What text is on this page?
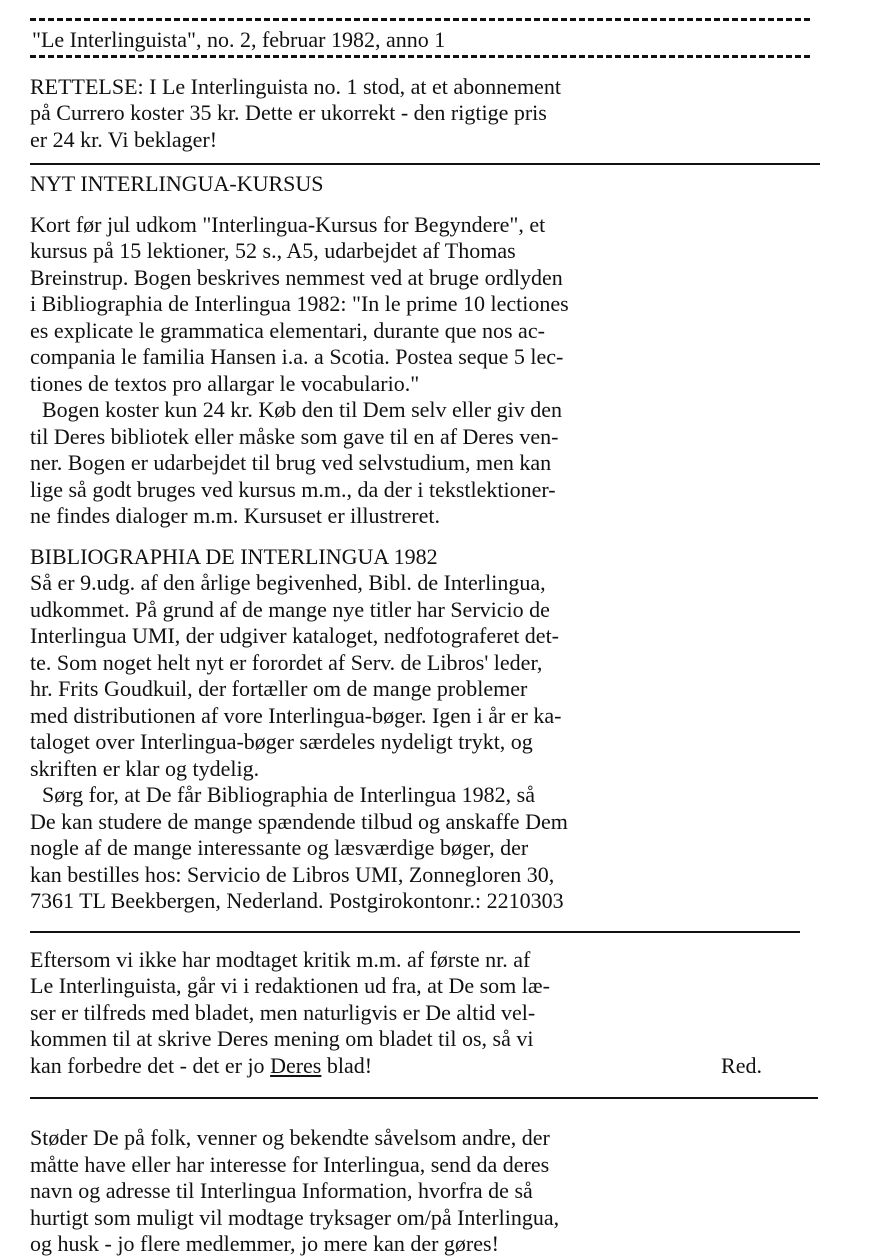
"Le Interlinguista", no. 2, februar 1982, anno 1
RETTELSE: I Le Interlinguista no. 1 stod, at et abonnement
på Currero koster 35 kr. Dette er ukorrekt - den rigtige pris
er 24 kr. Vi beklager!
NYT INTERLINGUA-KURSUS
Kort før jul udkom "Interlingua-Kursus for Begyndere", et
kursus på 15 lektioner, 52 s., A5, udarbejdet af Thomas
Breinstrup. Bogen beskrives nemmest ved at bruge ordlyden
i Bibliographia de Interlingua 1982: "In le prime 10 lectiones
es explicate le grammatica elementari, durante que nos ac-
compania le familia Hansen i.a. a Scotia. Postea seque 5 lec-
tiones de textos pro allargar le vocabulario."
Bogen koster kun 24 kr. Køb den til Dem selv eller giv den
til Deres bibliotek eller måske som gave til en af Deres ven-
ner. Bogen er udarbejdet til brug ved selvstudium, men kan
lige så godt bruges ved kursus m.m., da der i tekstlektioner-
ne findes dialoger m.m. Kursuset er illustreret.
BIBLIOGRAPHIA DE INTERLINGUA 1982
Så er 9.udg. af den årlige begivenhed, Bibl. de Interlingua,
udkommet. På grund af de mange nye titler har Servicio de
Interlingua UMI, der udgiver kataloget, nedfotograferet det-
te. Som noget helt nyt er forordet af Serv. de Libros' leder,
hr. Frits Goudkuil, der fortæller om de mange problemer
med distributionen af vore Interlingua-bøger. Igen i år er ka-
taloget over Interlingua-bøger særdeles nydeligt trykt, og
skriften er klar og tydelig.
Sørg for, at De får Bibliographia de Interlingua 1982, så
De kan studere de mange spændende tilbud og anskaffe Dem
nogle af de mange interessante og læsværdige bøger, der
kan bestilles hos: Servicio de Libros UMI, Zonnegloren 30,
7361 TL Beekbergen, Nederland. Postgirokontonr.: 2210303
Eftersom vi ikke har modtaget kritik m.m. af første nr. af
Le Interlinguista, går vi i redaktionen ud fra, at De som læ-
ser er tilfreds med bladet, men naturligvis er De altid vel-
kommen til at skrive Deres mening om bladet til os, så vi
kan forbedre det - det er jo Deres blad!	Red.
Støder De på folk, venner og bekendte såvelsom andre, der
måtte have eller har interesse for Interlingua, send da deres
navn og adresse til Interlingua Information, hvorfra de så
hurtigt som muligt vil modtage tryksager om/på Interlingua,
og husk - jo flere medlemmer, jo mere kan der gøres!
